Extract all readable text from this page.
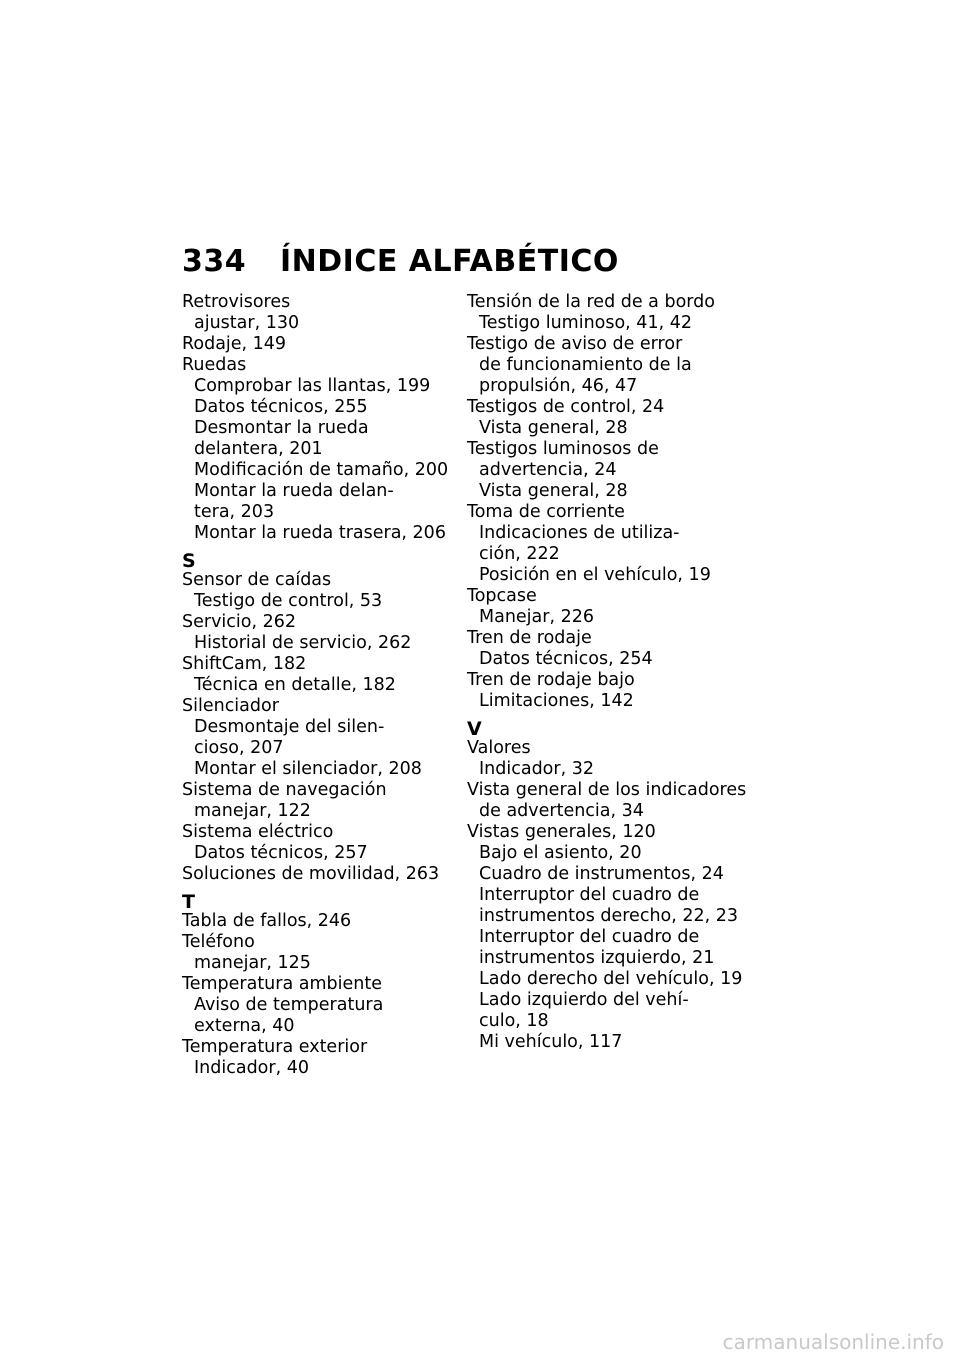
334 ÍNDICE ALFABÉTICO
Retrovisores
ajustar, 130
Rodaje, 149
Ruedas
Comprobar las llantas, 199
Datos técnicos, 255
Desmontar la rueda
delantera, 201
Modificación de tamaño, 200
Montar la rueda delan-
tera, 203
Montar la rueda trasera, 206
S
Sensor de caídas
Testigo de control, 53
Servicio, 262
Historial de servicio, 262
ShiftCam, 182
Técnica en detalle, 182
Silenciador
Desmontaje del silen-
cioso, 207
Montar el silenciador, 208
Sistema de navegación
manejar, 122
Sistema eléctrico
Datos técnicos, 257
Soluciones de movilidad, 263
T
Tabla de fallos, 246
Teléfono
manejar, 125
Temperatura ambiente
Aviso de temperatura
externa, 40
Temperatura exterior
Indicador, 40
Tensión de la red de a bordo
Testigo luminoso, 41, 42
Testigo de aviso de error
de funcionamiento de la
propulsión, 46, 47
Testigos de control, 24
Vista general, 28
Testigos luminosos de
advertencia, 24
Vista general, 28
Toma de corriente
Indicaciones de utiliza-
ción, 222
Posición en el vehículo, 19
Topcase
Manejar, 226
Tren de rodaje
Datos técnicos, 254
Tren de rodaje bajo
Limitaciones, 142
V
Valores
Indicador, 32
Vista general de los indicadores
de advertencia, 34
Vistas generales, 120
Bajo el asiento, 20
Cuadro de instrumentos, 24
Interruptor del cuadro de
instrumentos derecho, 22, 23
Interruptor del cuadro de
instrumentos izquierdo, 21
Lado derecho del vehículo, 19
Lado izquierdo del vehí-
culo, 18
Mi vehículo, 117
carmanualsonline.info
